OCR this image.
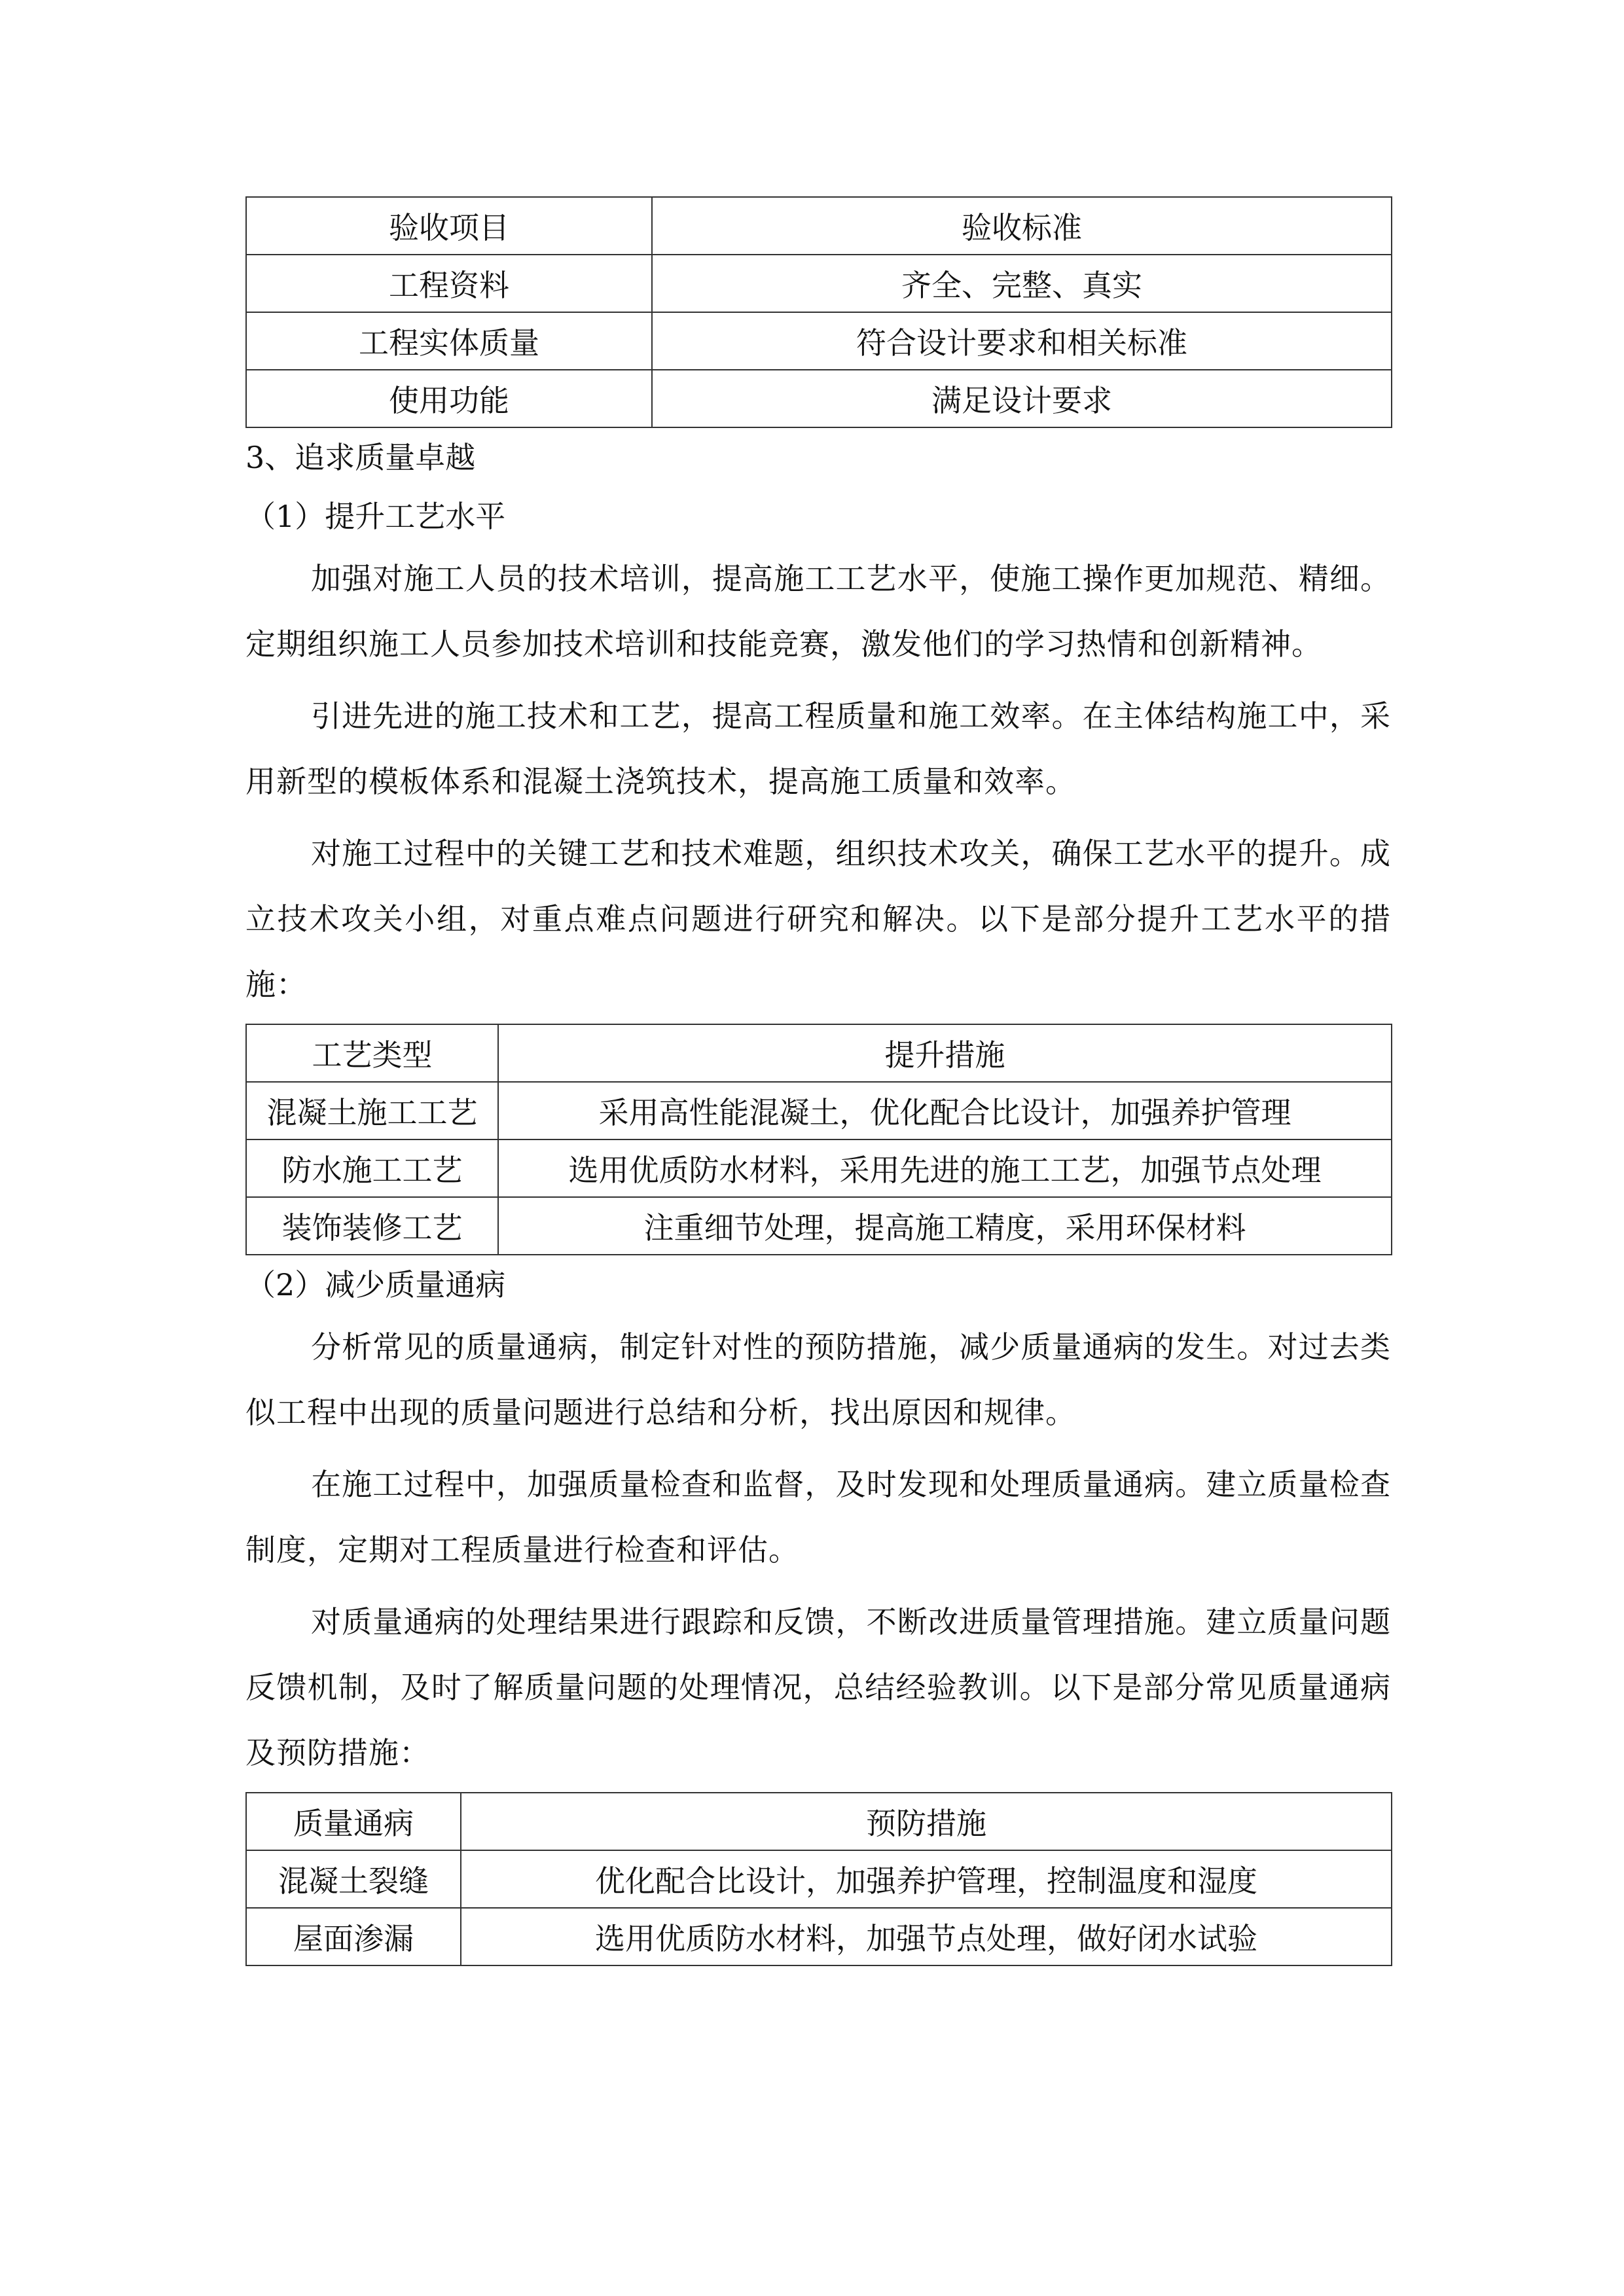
验收项目	验收标准
工程资料	齐全、完整、真实
工程实体质量	符合设计要求和相关标准
使用功能	满足设计要求
3、追求质量卓越
（1）提升工艺水平

加强对施工人员的技术培训，提高施工工艺水平，使施工操作更加规范、精细。定期组织施工人员参加技术培训和技能竞赛，激发他们的学习热情和创新精神。

引进先进的施工技术和工艺，提高工程质量和施工效率。在主体结构施工中，采用新型的模板体系和混凝土浇筑技术，提高施工质量和效率。

对施工过程中的关键工艺和技术难题，组织技术攻关，确保工艺水平的提升。成立技术攻关小组，对重点难点问题进行研究和解决。以下是部分提升工艺水平的措施：

工艺类型	提升措施
混凝土施工工艺	采用高性能混凝土，优化配合比设计，加强养护管理
防水施工工艺	选用优质防水材料，采用先进的施工工艺，加强节点处理
装饰装修工艺	注重细节处理，提高施工精度，采用环保材料
（2）减少质量通病

分析常见的质量通病，制定针对性的预防措施，减少质量通病的发生。对过去类似工程中出现的质量问题进行总结和分析，找出原因和规律。

在施工过程中，加强质量检查和监督，及时发现和处理质量通病。建立质量检查制度，定期对工程质量进行检查和评估。

对质量通病的处理结果进行跟踪和反馈，不断改进质量管理措施。建立质量问题反馈机制，及时了解质量问题的处理情况，总结经验教训。以下是部分常见质量通病及预防措施：

质量通病	预防措施
混凝土裂缝	优化配合比设计，加强养护管理，控制温度和湿度
屋面渗漏	选用优质防水材料，加强节点处理，做好闭水试验
